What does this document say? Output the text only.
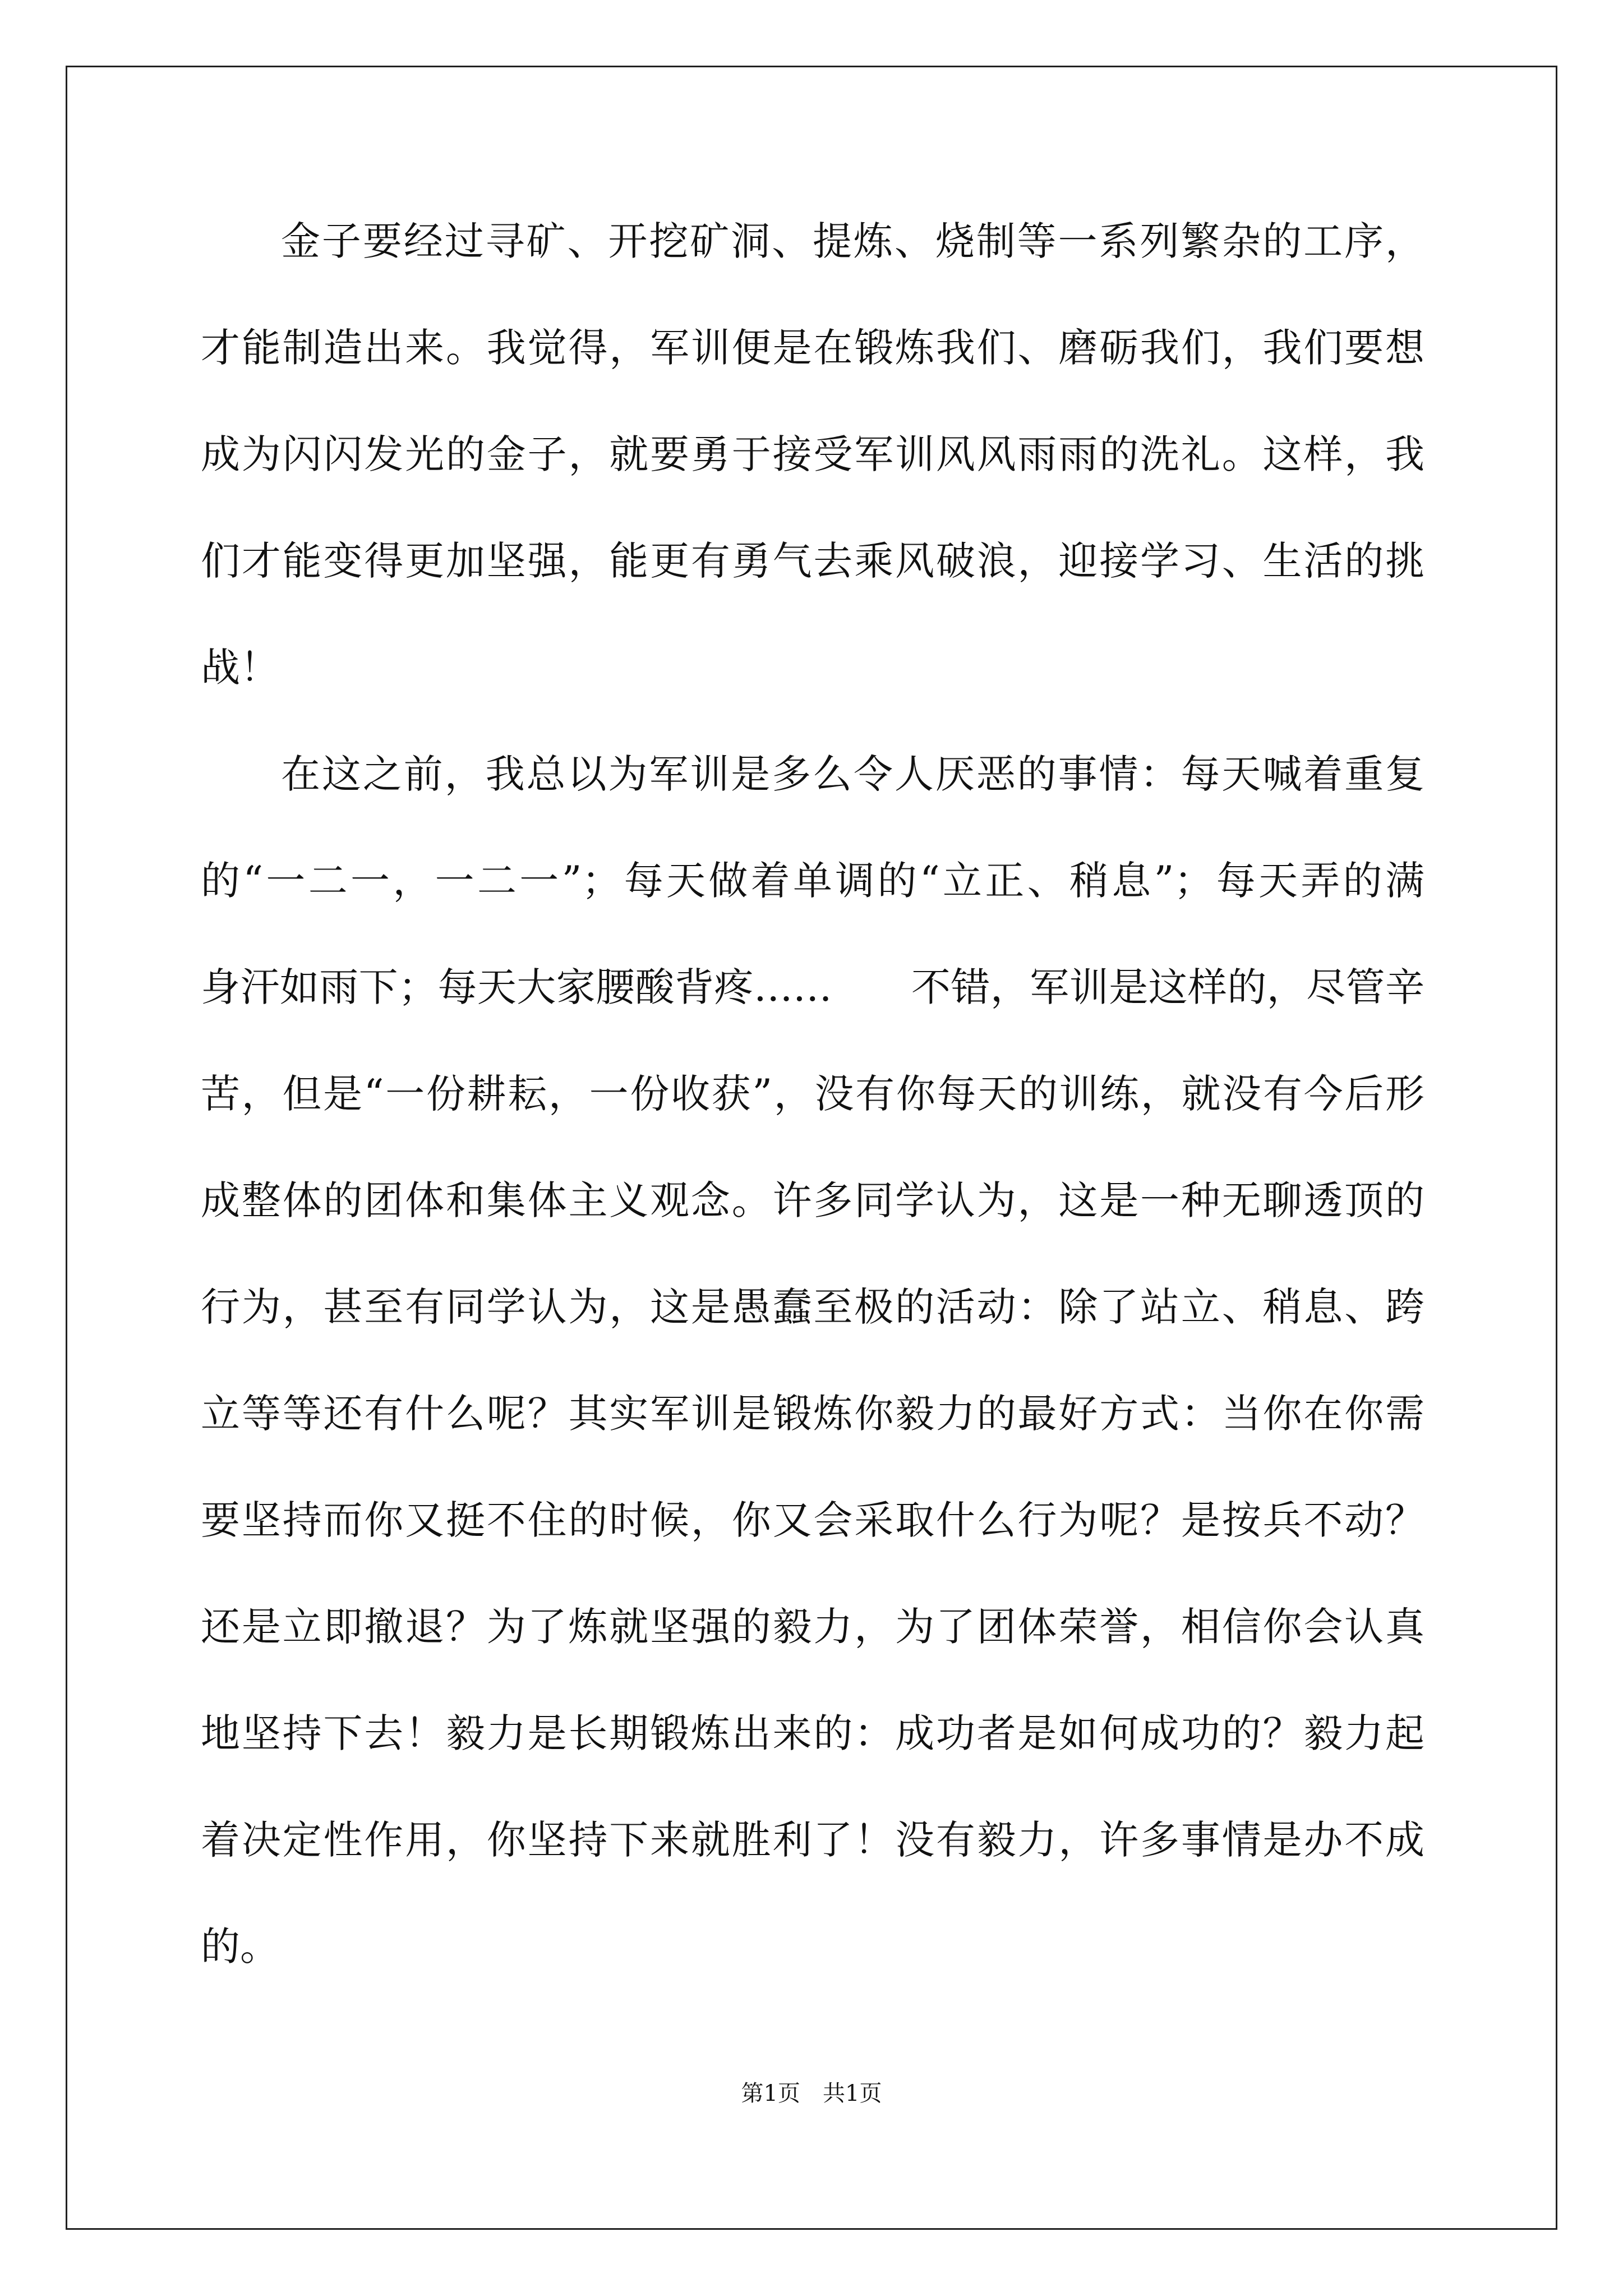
金子要经过寻矿、开挖矿洞、提炼、烧制等一系列繁杂的工序，
才能制造出来。我觉得，军训便是在锻炼我们、磨砺我们，我们要想
成为闪闪发光的金子，就要勇于接受军训风风雨雨的洗礼。这样，我
们才能变得更加坚强，能更有勇气去乘风破浪，迎接学习、生活的挑
战！
在这之前，我总以为军训是多么令人厌恶的事情：每天喊着重复
的“一二一，一二一”；每天做着单调的“立正、稍息”；每天弄的满
身汗如雨下；每天大家腰酸背疼……　　不错，军训是这样的，尽管辛
苦，但是“一份耕耘，一份收获”，没有你每天的训练，就没有今后形
成整体的团体和集体主义观念。许多同学认为，这是一种无聊透顶的
行为，甚至有同学认为，这是愚蠢至极的活动：除了站立、稍息、跨
立等等还有什么呢？其实军训是锻炼你毅力的最好方式：当你在你需
要坚持而你又挺不住的时候，你又会采取什么行为呢？是按兵不动？
还是立即撤退？为了炼就坚强的毅力，为了团体荣誉，相信你会认真
地坚持下去！毅力是长期锻炼出来的：成功者是如何成功的？毅力起
着决定性作用，你坚持下来就胜利了！没有毅力，许多事情是办不成
的。
第1页　共1页
